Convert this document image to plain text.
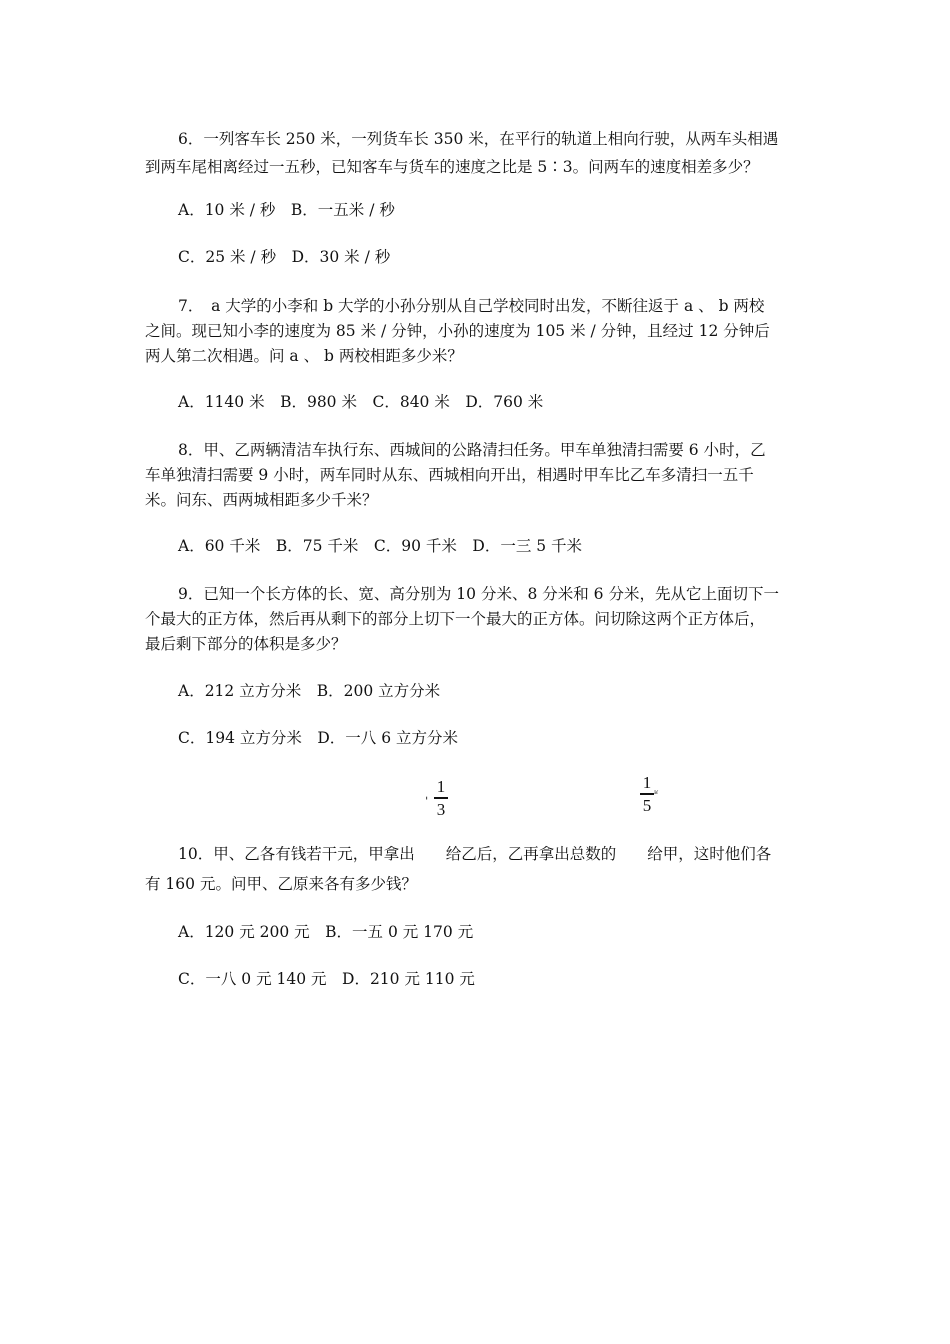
6．一列客车长 250 米，一列货车长 350 米，在平行的轨道上相向行驶，从两车头相遇
到两车尾相离经过一五秒，已知客车与货车的速度之比是 5∶3。问两车的速度相差多少？
A．10 米 / 秒　B．一五米 / 秒
C．25 米 / 秒　D．30 米 / 秒
7．　a 大学的小李和 b 大学的小孙分别从自己学校同时出发，不断往返于 a 、 b 两校
之间。现已知小李的速度为 85 米 / 分钟，小孙的速度为 105 米 / 分钟，且经过 12 分钟后
两人第二次相遇。问 a 、 b 两校相距多少米？
A．1140 米　B．980 米　C．840 米　D．760 米
8．甲、乙两辆清洁车执行东、西城间的公路清扫任务。甲车单独清扫需要 6 小时，乙
车单独清扫需要 9 小时，两车同时从东、西城相向开出，相遇时甲车比乙车多清扫一五千
米。问东、西两城相距多少千米？
A．60 千米　B．75 千米　C．90 千米　D．一三 5 千米
9．已知一个长方体的长、宽、高分别为 10 分米、8 分米和 6 分米，先从它上面切下一
个最大的正方体，然后再从剩下的部分上切下一个最大的正方体。问切除这两个正方体后，
最后剩下部分的体积是多少？
A．212 立方分米　B．200 立方分米
C．194 立方分米　D．一八 6 立方分米
ˈ
1
3
1
5
ʶ
10．甲、乙各有钱若干元，甲拿出　　给乙后，乙再拿出总数的　　给甲，这时他们各
有 160 元。问甲、乙原来各有多少钱？
A．120 元 200 元　B．一五 0 元 170 元
C．一八 0 元 140 元　D．210 元 110 元
